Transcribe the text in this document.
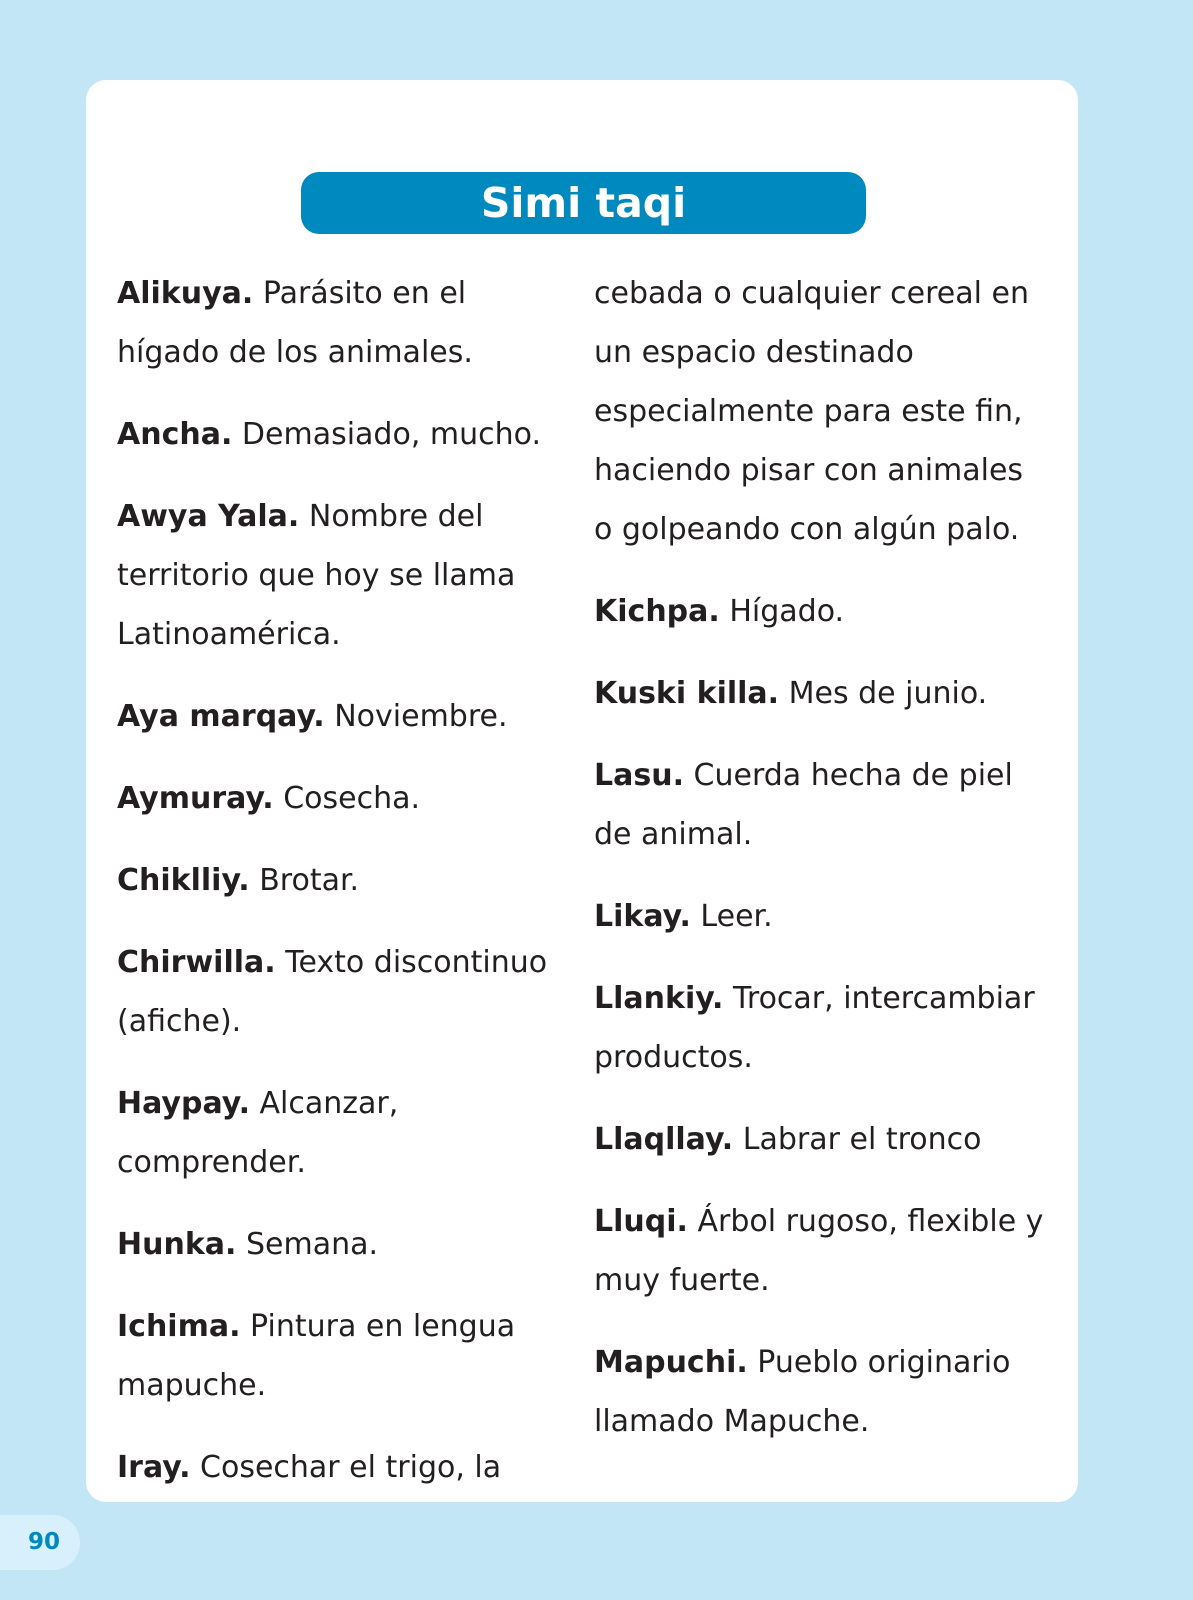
Simi taqi

Alikuya. Parásito en el hígado de los animales.

Ancha. Demasiado, mucho.

Awya Yala. Nombre del territorio que hoy se llama Latinoamérica.

Aya marqay. Noviembre.

Aymuray. Cosecha.

Chiklliy. Brotar.

Chirwilla. Texto discontinuo (afiche).

Haypay. Alcanzar, comprender.

Hunka. Semana.

Ichima. Pintura en lengua mapuche.

Iray. Cosechar el trigo, la

cebada o cualquier cereal en un espacio destinado especialmente para este fin, haciendo pisar con animales o golpeando con algún palo.

Kichpa. Hígado.

Kuski killa. Mes de junio.

Lasu. Cuerda hecha de piel de animal.

Likay. Leer.

Llankiy. Trocar, intercambiar productos.

Llaqllay. Labrar el tronco

Lluqi. Árbol rugoso, flexible y muy fuerte.

Mapuchi. Pueblo originario llamado Mapuche.

90
